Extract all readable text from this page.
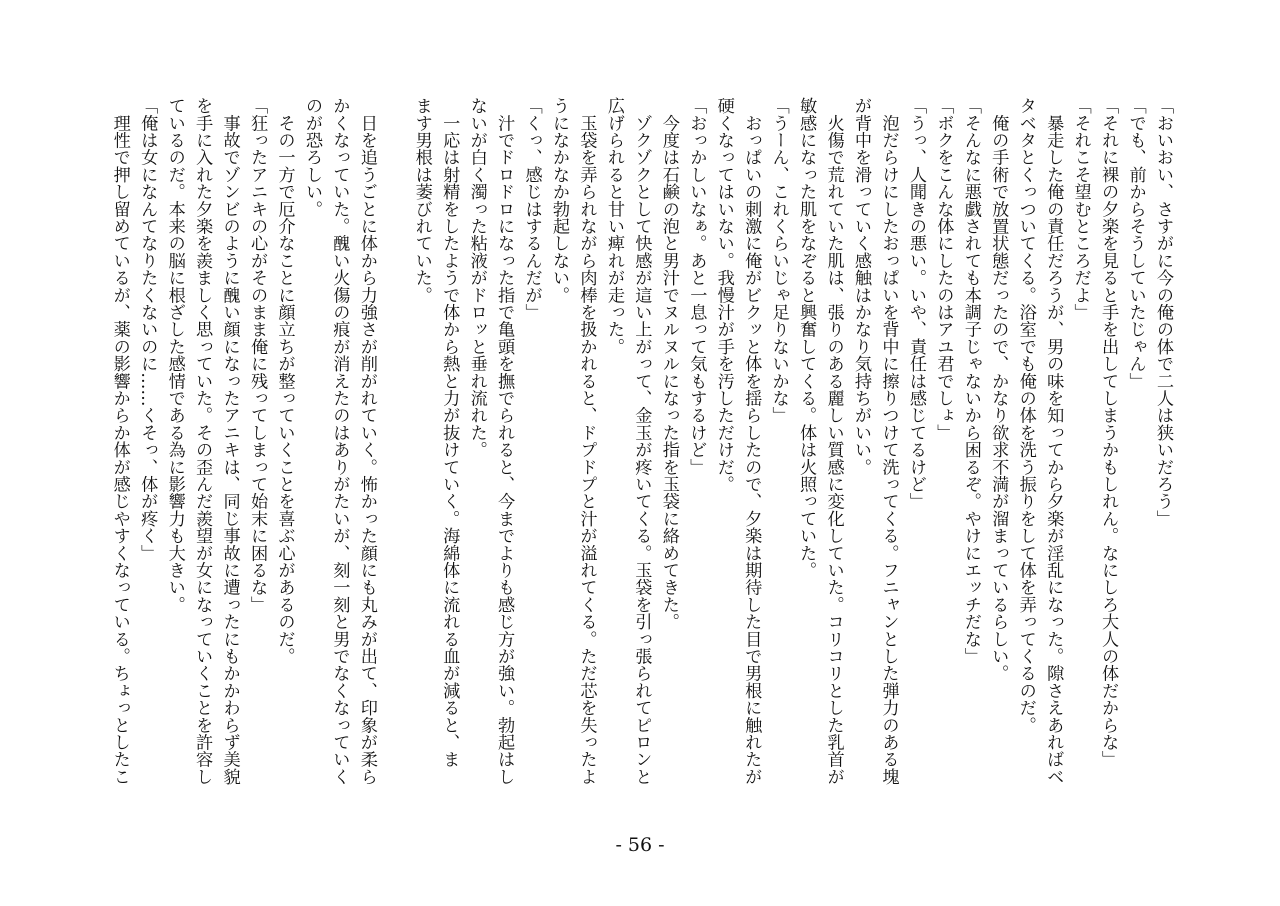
「おいおい、さすがに今の俺の体で二人は狭いだろう」
「でも、前からそうしていたじゃん」
「それに裸の夕楽を見ると手を出してしまうかもしれん。なにしろ大人の体だからな」
「それこそ望むところだよ」
　暴走した俺の責任だろうが、男の味を知ってから夕楽が淫乱になった。隙さえあればベ
タベタとくっついてくる。浴室でも俺の体を洗う振りをして体を弄ってくるのだ。
　俺の手術で放置状態だったので、かなり欲求不満が溜まっているらしい。
「そんなに悪戯されても本調子じゃないから困るぞ。やけにエッチだな」
「ボクをこんな体にしたのはアユ君でしょ」
「うっ、人聞きの悪い。いや、責任は感じてるけど」
　泡だらけにしたおっぱいを背中に擦りつけて洗ってくる。フニャンとした弾力のある塊
が背中を滑っていく感触はかなり気持ちがいい。
　火傷で荒れていた肌は、張りのある麗しい質感に変化していた。コリコリとした乳首が
敏感になった肌をなぞると興奮してくる。体は火照っていた。
「うーん、これくらいじゃ足りないかな」
　おっぱいの刺激に俺がビクッと体を揺らしたので、夕楽は期待した目で男根に触れたが
硬くなってはいない。我慢汁が手を汚しただけだ。
「おっかしいなぁ。あと一息って気もするけど」
　今度は石鹸の泡と男汁でヌルヌルになった指を玉袋に絡めてきた。
　ゾクゾクとして快感が這い上がって、金玉が疼いてくる。玉袋を引っ張られてピロンと
広げられると甘い痺れが走った。
　玉袋を弄られながら肉棒を扱かれると、ドプドプと汁が溢れてくる。ただ芯を失ったよ
うになかなか勃起しない。
「くっ、感じはするんだが」
　汁でドロドロになった指で亀頭を撫でられると、今までよりも感じ方が強い。勃起はし
ないが白く濁った粘液がドロッと垂れ流れた。
　一応は射精をしたようで体から熱と力が抜けていく。海綿体に流れる血が減ると、ま
ます男根は萎びれていた。
　日を追うごとに体から力強さが削がれていく。怖かった顔にも丸みが出て、印象が柔ら
かくなっていた。醜い火傷の痕が消えたのはありがたいが、刻一刻と男でなくなっていく
のが恐ろしい。
　その一方で厄介なことに顔立ちが整っていくことを喜ぶ心があるのだ。
「狂ったアニキの心がそのまま俺に残ってしまって始末に困るな」
　事故でゾンビのように醜い顔になったアニキは、同じ事故に遭ったにもかかわらず美貌
を手に入れた夕楽を羨ましく思っていた。その歪んだ羨望が女になっていくことを許容し
ているのだ。本来の脳に根ざした感情である為に影響力も大きい。
「俺は女になんてなりたくないのに……くそっ、体が疼く」
　理性で押し留めているが、薬の影響からか体が感じやすくなっている。ちょっとしたこ
- 56 -
